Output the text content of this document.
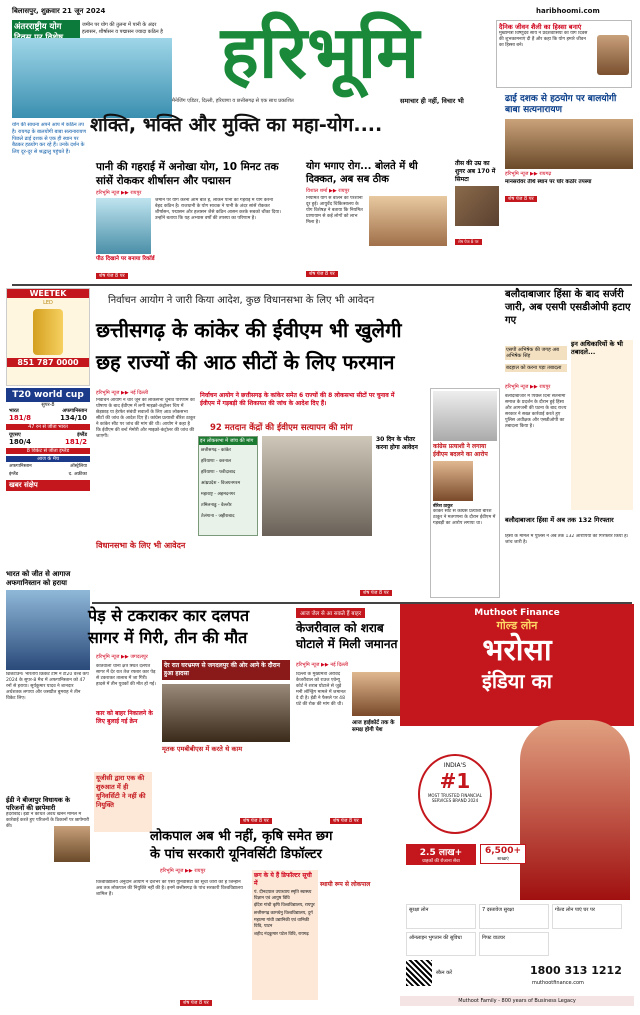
बिलासपुर, शुक्रवार 21 जून 2024	haribhoomi.com
अंतरराष्ट्रीय योग	जमीन पर योग की तुलना में पानी के अंदर हलासन, शीर्षासन व पद्मासन ज्यादा कठिन है हरिभूमि
मैनेजिंग एडिटर, दिल्ली, हरियाणा व छत्तीसगढ़ से एक साथ प्रकाशित	समाचार ही नहीं, विचार भी
दैनिक जीवन शैली का हिस्सा बनाएं
मुख्यमंत्री विष्णुदेव साय ने प्रदेशवासियों को योग दिवस की शुभकामनाएं दी हैं और कहा कि योग हमारे जीवन का हिस्सा बने।
शक्ति, भक्ति और मुक्ति का महा-योग....
योग की साधना अपने आप में कठिन तप है। रायगढ़ के बालयोगी बाबा सत्यनारायण पिछले ढाई दशक से एक ही स्थान पर बैठकर हठयोग कर रहे हैं। उनके दर्शन के लिए दूर-दूर से श्रद्धालु पहुंचते हैं।
पानी की गहराई में अनोखा योग, 10 मिनट तक सांसें रोककर शीर्षासन और पद्मासन
हरिभूमि न्यूज ▶▶ रायपुर
जमीन पर योग करना आम बात है, लेकिन पानी की गहराई में योग करना बेहद कठिन है। राजधानी के योग साधक ने पानी के अंदर सांसें रोककर शीर्षासन, पद्मासन और हलासन जैसे कठिन आसन करके सबको चौंका दिया। उन्होंने बताया कि यह अभ्यास वर्षों की तपस्या का परिणाम है।
पीठ दिखाने पर बनाया रिकॉर्ड
शेष पेज 8 पर
योग भगाए रोग... बोलते में थी दिक्कत, अब सब ठीक
विशाल शर्मा ▶▶ रायपुर
नियमित योग से बोलने की परेशानी दूर हुई। आयुर्वेद चिकित्सालय के योग विशेषज्ञ ने बताया कि नियमित प्राणायाम से कई लोगों को लाभ मिला है।
शेष पेज 8 पर
तीस की उम्र का शुगर अब 170 में सिमटा
शेष पेज 8 पर
ढाई दशक से हठयोग पर बालयोगी बाबा सत्यनारायण
हरिभूमि न्यूज ▶▶ रायगढ़
मानसरोवर तीर्थ स्थान पर घोर कठोर तपस्या
शेष पेज 8 पर
WEETEK
LED
851 787 0000
T20 world cup
सुपर-8
भारत	अफगानिस्तान
181/8	134/10
47 रन से जीता भारत
यूएसए	इंग्लैंड
180/4	181/2
8 विकेट से जीता इंग्लैंड
आज के मैच
अफगानिस्तान	ऑस्ट्रेलिया
इंग्लैंड	द. अफ्रीका
खबर संक्षेप
भारत को जीत से आगाज अफगानिस्तान को हराया
ब्रिजटाउन। भारतीय क्रिकेट टीम ने टी20 वर्ल्ड कप 2024 के सुपर-8 मैच में अफगानिस्तान को 47 रनों से हराया। सूर्यकुमार यादव ने शानदार अर्धशतक लगाया और जसप्रीत बुमराह ने तीन विकेट लिए।
ईडी ने बीजापुर विधायक के परिजनों की छापेमारी
हैदराबाद। ईडी ने कथित अवैध खनन मामले में कार्रवाई करते हुए परिजनों के ठिकानों पर छापेमारी की।
निर्वाचन आयोग ने जारी किया आदेश, कुछ विधानसभा के लिए भी आवेदन
छत्तीसगढ़ के कांकेर की ईवीएम भी खुलेगी
छह राज्यों की आठ सीटों के लिए फरमान
हरिभूमि न्यूज ▶▶ नई दिल्ली
निर्वाचन आयोग ने चार जून को लोकसभा चुनाव परिणाम की घोषणा के बाद ईवीएम में लगी माइक्रो-कंट्रोलर चिप में छेड़छाड़ या हेरफेर संबंधी सवालों के लिए आठ लोकसभा सीटों की जांच के आदेश दिए हैं। कांग्रेस प्रत्याशी बीरेश ठाकुर ने कांकेर सीट पर जांच की मांग की थी। आयोग ने कहा है कि ईवीएम की बर्न्ट मेमोरी और माइक्रो-कंट्रोलर की जांच की जाएगी।
निर्वाचन आयोग ने छत्तीसगढ़ के कांकेर समेत 6 राज्यों की 8 लोकसभा सीटों पर चुनाव में ईवीएम में गड़बड़ी की शिकायत की जांच के आदेश दिए हैं।
92 मतदान केंद्रों की ईवीएम सत्यापन की मांग
इन लोकसभा में जांच की मांग
छत्तीसगढ़ - कांकेर
हरियाणा - करनाल
हरियाणा - फरीदाबाद
आंध्रप्रदेश - विजयनगरम
महाराष्ट्र - अहमदनगर
तमिलनाडु - वेल्लोर
तेलंगाना - जहीराबाद
30 दिन के भीतर करना होगा आवेदन
विधानसभा के लिए भी आवेदन
शेष पेज 8 पर
कांग्रेस प्रत्याशी ने लगाया ईवीएम बदलने का आरोप
बीरेश ठाकुर
कांकेर सीट से कांग्रेस प्रत्याशी बीरेश ठाकुर ने मतगणना के दौरान ईवीएम में गड़बड़ी का आरोप लगाया था।
बलौदाबाजार हिंसा के बाद सर्जरी जारी, अब एसपी एसडीओपी हटाए गए
एसपी अभिषेक की जगह अब अभिषेक सिंह
बदहाल को करना पड़ा तबादला
हरिभूमि न्यूज ▶▶ रायपुर
बलौदाबाजार में पिछले दिनों सतनामी समाज के प्रदर्शन के दौरान हुई हिंसा और आगजनी की घटना के बाद राज्य सरकार ने सख्त कार्रवाई करते हुए पुलिस अधीक्षक और एसडीओपी का तबादला किया है।
इन अधिकारियों के भी तबादले...
बलौदाबाजार हिंसा में अब तक 132 गिरफ्तार
हिंसा के मामले में पुलिस ने अब तक 132 आरोपियों को गिरफ्तार किया है। जांच जारी है।
पेड़ से टकराकर कार दलपत
सागर में गिरी, तीन की मौत
हरिभूमि न्यूज ▶▶ जगदलपुर
देर रात घरभ्रमण से जगदलपुर की ओर आने के दौरान हुआ हादसा
कोतवाली थाना क्षेत्र स्थित दलपत सागर में देर रात तेज रफ्तार कार पेड़ से टकराकर तालाब में जा गिरी। हादसे में तीन युवकों की मौत हो गई।
कार को बाहर निकालने के लिए बुलाई गई क्रेन
मृतक एमबीबीएस में करते थे काम
शेष पेज 8 पर
आज जेल से आ सकते हैं बाहर
केजरीवाल को शराब घोटाले में मिली जमानत
हरिभूमि न्यूज ▶▶ नई दिल्ली
दिल्ली के मुख्यमंत्री अरविंद केजरीवाल को राउज एवेन्यू कोर्ट ने शराब घोटाले से जुड़े मनी लॉन्ड्रिंग मामले में जमानत दे दी है। ईडी ने फैसले पर 48 घंटे की रोक की मांग की थी।
आज हाईकोर्ट तक के समक्ष होगी पेश
शेष पेज 8 पर
यूजीसी द्वारा एक की शुरुआत में ही यूनिवर्सिटी ने नहीं की नियुक्ति
लोकपाल अब भी नहीं, कृषि समेत छग
के पांच सरकारी यूनिवर्सिटी डिफॉल्टर
हरिभूमि न्यूज ▶▶ रायपुर
विश्वविद्यालय अनुदान आयोग ने देशभर की ऐसी यूनिवर्सिटी की सूची जारी की है जिन्होंने अब तक लोकपाल की नियुक्ति नहीं की है। इनमें छत्तीसगढ़ के पांच सरकारी विश्वविद्यालय शामिल हैं।
छग के ये हैं डिफॉल्टर सूची में
पं. दीनदयाल उपाध्याय स्मृति स्वास्थ्य विज्ञान एवं आयुष विवि
इंदिरा गांधी कृषि विश्वविद्यालय, रायपुर
छत्तीसगढ़ कामधेनु विश्वविद्यालय, दुर्ग
महात्मा गांधी उद्यानिकी एवं वानिकी विवि, पाटन
शहीद नंदकुमार पटेल विवि, रायगढ़
स्थायी रूप से लोकपाल
शेष पेज 8 पर
Muthoot Finance
गोल्ड लोन
भरोसा
इंडिया का
INDIA'S
#1
MOST TRUSTED FINANCIAL SERVICES BRAND 2024
2.5 लाख+
ग्राहकों की रोजाना सेवा
6,500+
शाखाएं
सुरक्षा लोन	7 दस्तावेज सुरक्षा	गोल्ड लोन पाएं घर पर
ऑनलाइन भुगतान की सुविधा	गिफ्ट वाउचर
स्कैन करें	1800 313 1212
muthootfinance.com
Muthoot Family - 800 years of Business Legacy
